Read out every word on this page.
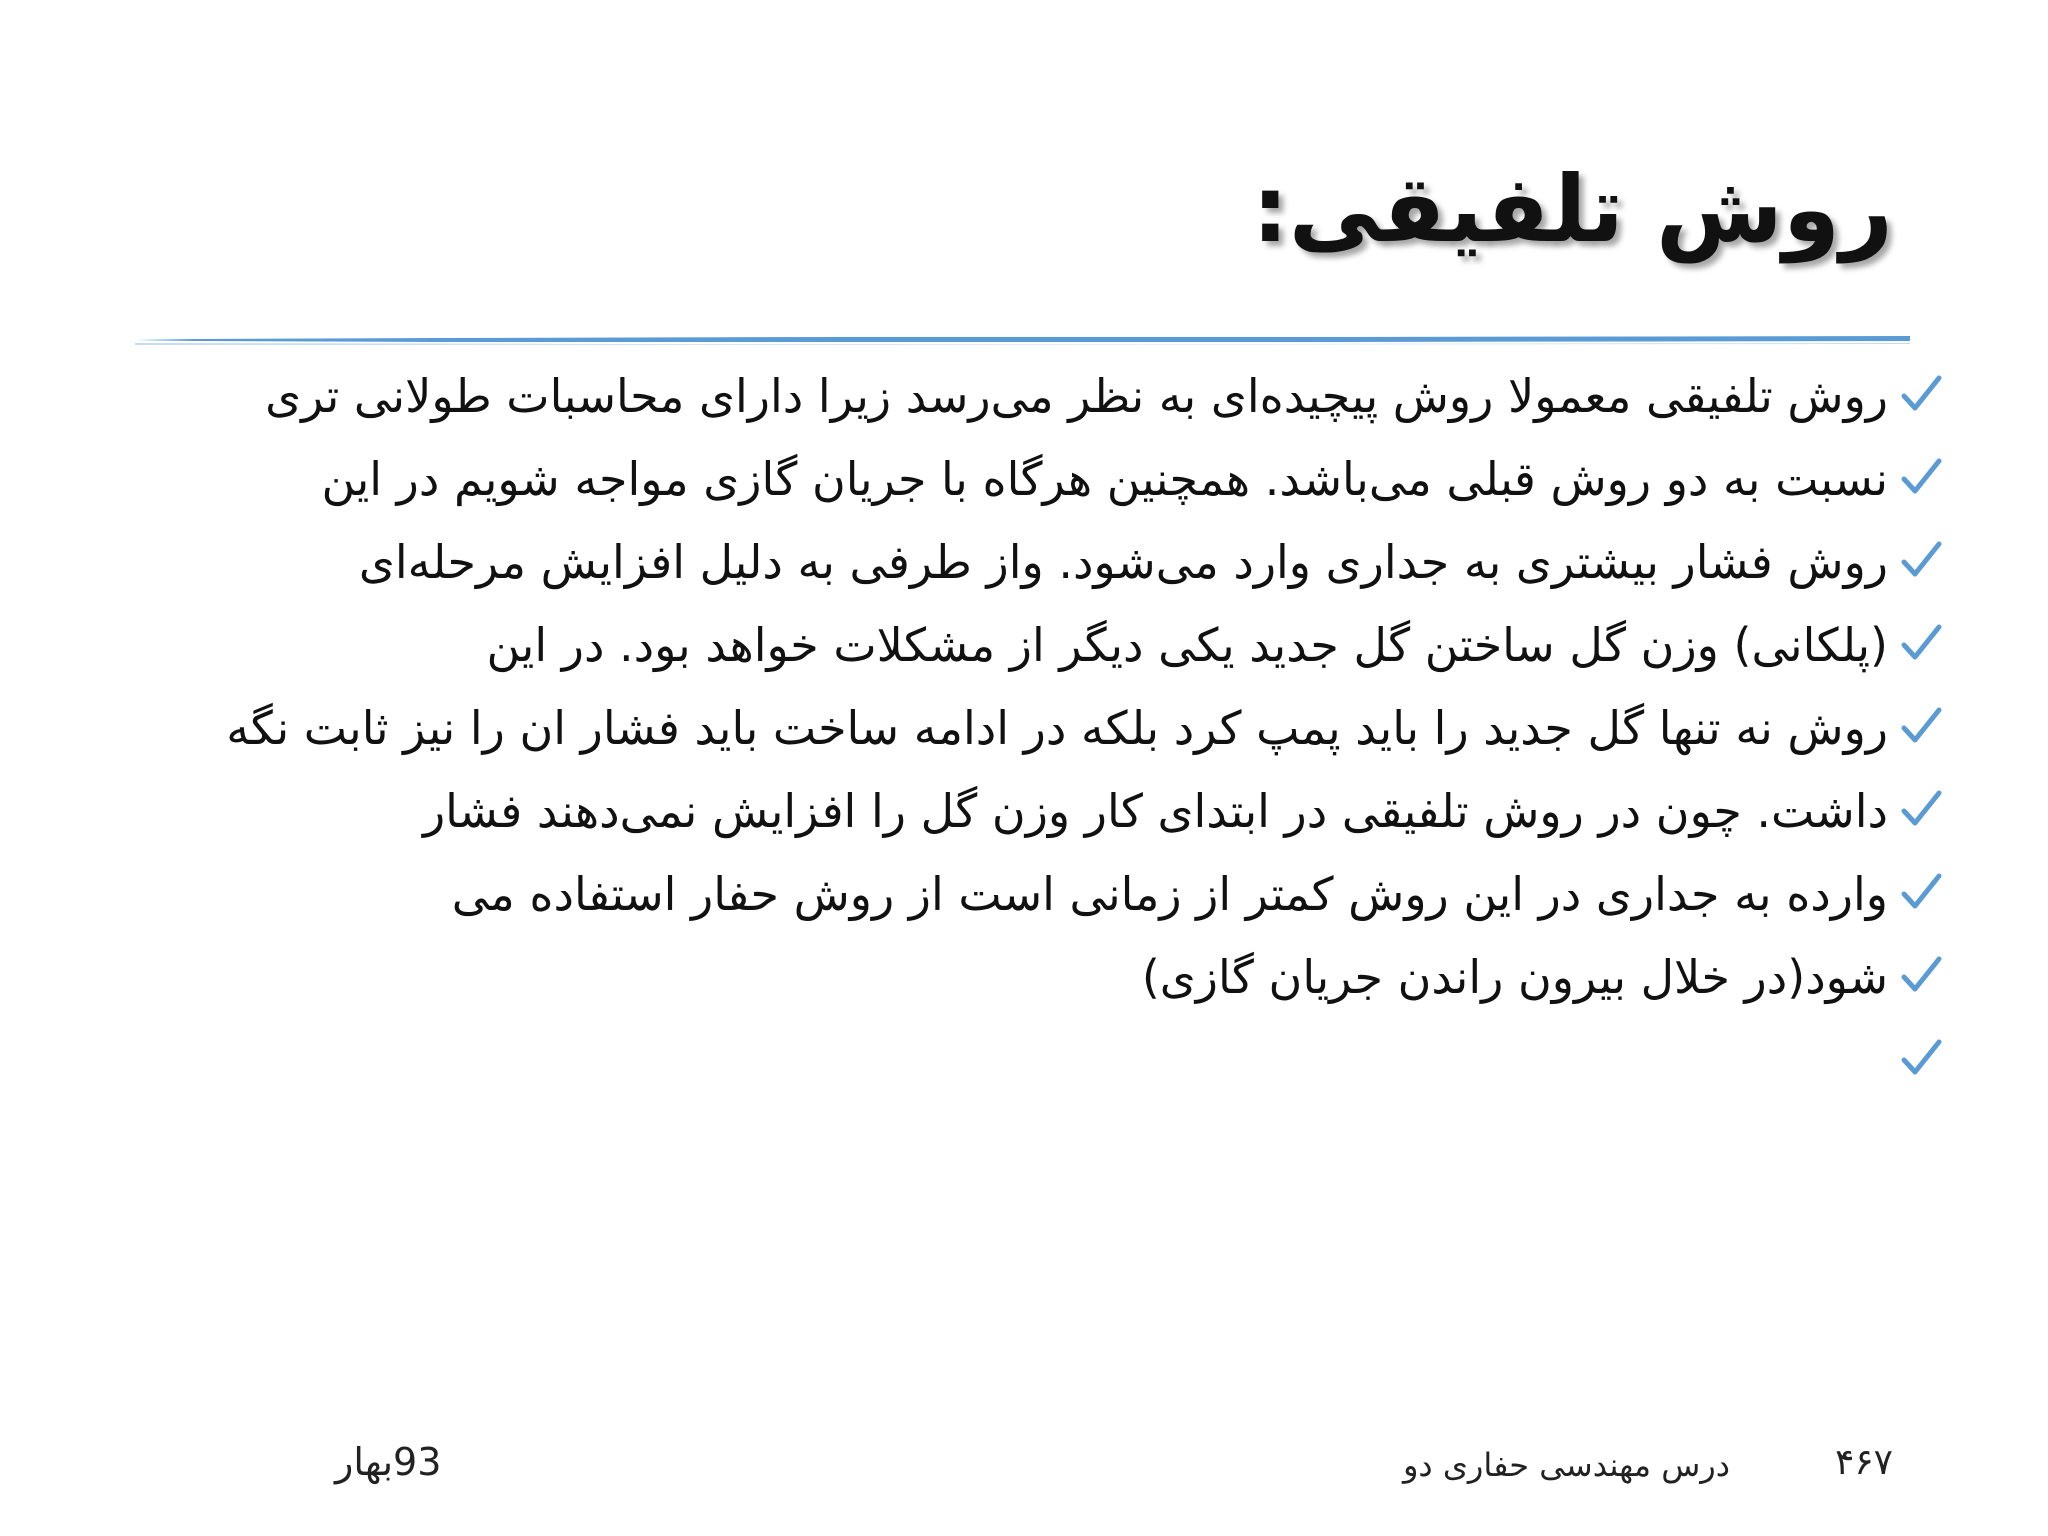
روش تلفیقی:
روش تلفیقی معمولا روش پیچیده‌ای به نظر می‌رسد زیرا دارای محاسبات طولانی تری
نسبت به دو روش قبلی می‌باشد. همچنین هرگاه با جریان گازی مواجه شویم در این
روش فشار بیشتری به جداری وارد می‌شود. واز طرفی به دلیل افزایش مرحله‌ای
(پلکانی) وزن گل ساختن گل جدید یکی دیگر از مشکلات خواهد بود. در این
روش نه تنها گل جدید را باید پمپ کرد بلکه در ادامه ساخت باید فشار ان را نیز ثابت نگه
داشت. چون در روش تلفیقی در ابتدای کار وزن گل را افزایش نمی‌دهند فشار
وارده به جداری در این روش کمتر از زمانی است از روش حفار استفاده می
شود(در خلال بیرون راندن جریان گازی)

93بهار	درس مهندسی حفاری دو	۴۶۷
